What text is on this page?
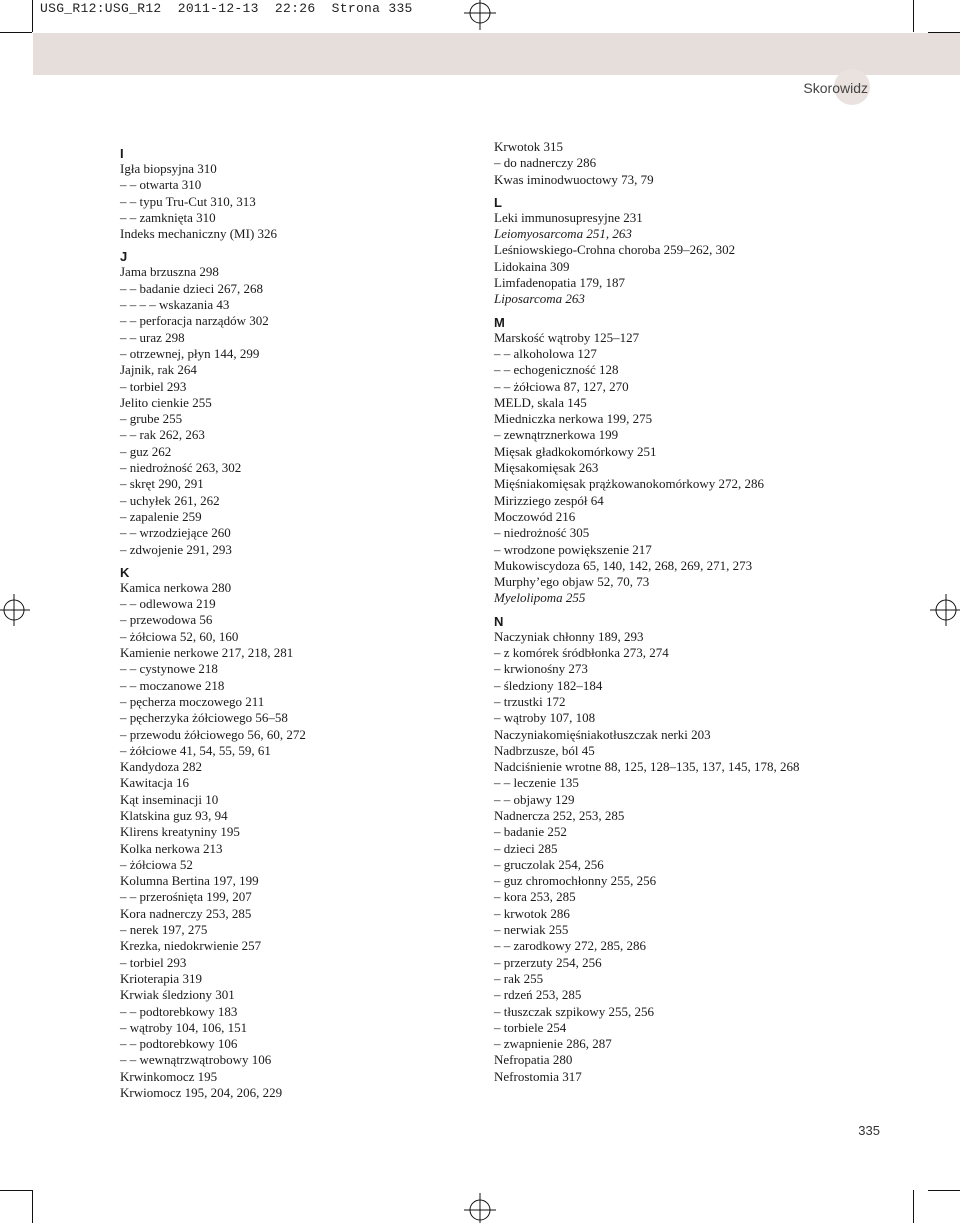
USG_R12:USG_R12  2011-12-13  22:26  Strona 335
Skorowidz
I
Igła biopsyjna 310
– – otwarta 310
– – typu Tru-Cut 310, 313
– – zamknięta 310
Indeks mechaniczny (MI) 326
J
Jama brzuszna 298
– – badanie dzieci 267, 268
– – – – wskazania 43
– – perforacja narządów 302
– – uraz 298
– otrzewnej, płyn 144, 299
Jajnik, rak 264
– torbiel 293
Jelito cienkie 255
– grube 255
– – rak 262, 263
– guz 262
– niedrożność 263, 302
– skręt 290, 291
– uchyłek 261, 262
– zapalenie 259
– – wrzodziejące 260
– zdwojenie 291, 293
K
Kamica nerkowa 280
– – odlewowa 219
– przewodowa 56
– żółciowa 52, 60, 160
Kamienie nerkowe 217, 218, 281
– – cystynowe 218
– – moczanowe 218
– pęcherza moczowego 211
– pęcherzyka żółciowego 56–58
– przewodu żółciowego 56, 60, 272
– żółciowe 41, 54, 55, 59, 61
Kandydoza 282
Kawitacja 16
Kąt inseminacji 10
Klatskina guz 93, 94
Klirens kreatyniny 195
Kolka nerkowa 213
– żółciowa 52
Kolumna Bertina 197, 199
– – przerośnięta 199, 207
Kora nadnerczy 253, 285
– nerek 197, 275
Krezka, niedokrwienie 257
– torbiel 293
Krioterapia 319
Krwiak śledziony 301
– – podtorebkowy 183
– wątroby 104, 106, 151
– – podtorebkowy 106
– – wewnątrzwątrobowy 106
Krwinkomocz 195
Krwiomocz 195, 204, 206, 229
Krwotok 315
– do nadnerczy 286
Kwas iminodwuoctowy 73, 79
L
Leki immunosupresyjne 231
Leiomyosarcoma 251, 263
Leśniowskiego-Crohna choroba 259–262, 302
Lidokaina 309
Limfadenopatia 179, 187
Liposarcoma 263
M
Marskość wątroby 125–127
– – alkoholowa 127
– – echogeniczność 128
– – żółciowa 87, 127, 270
MELD, skala 145
Miedniczka nerkowa 199, 275
– zewnątrznerkowa 199
Mięsak gładkokomórkowy 251
Mięsakomięsak 263
Mięśniakomięsak prążkowanokomórkowy 272, 286
Mirizziego zespół 64
Moczowód 216
– niedrożność 305
– wrodzone powiększenie 217
Mukowiscydoza 65, 140, 142, 268, 269, 271, 273
Murphy’ego objaw 52, 70, 73
Myelolipoma 255
N
Naczyniak chłonny 189, 293
– z komórek śródbłonka 273, 274
– krwionośny 273
– śledziony 182–184
– trzustki 172
– wątroby 107, 108
Naczyniakomięśniakotłuszczak nerki 203
Nadbrzusze, ból 45
Nadciśnienie wrotne 88, 125, 128–135, 137, 145, 178, 268
– – leczenie 135
– – objawy 129
Nadnercza 252, 253, 285
– badanie 252
– dzieci 285
– gruczolak 254, 256
– guz chromochłonny 255, 256
– kora 253, 285
– krwotok 286
– nerwiak 255
– – zarodkowy 272, 285, 286
– przerzuty 254, 256
– rak 255
– rdzeń 253, 285
– tłuszczak szpikowy 255, 256
– torbiele 254
– zwapnienie 286, 287
Nefropatia 280
Nefrostomia 317
335
